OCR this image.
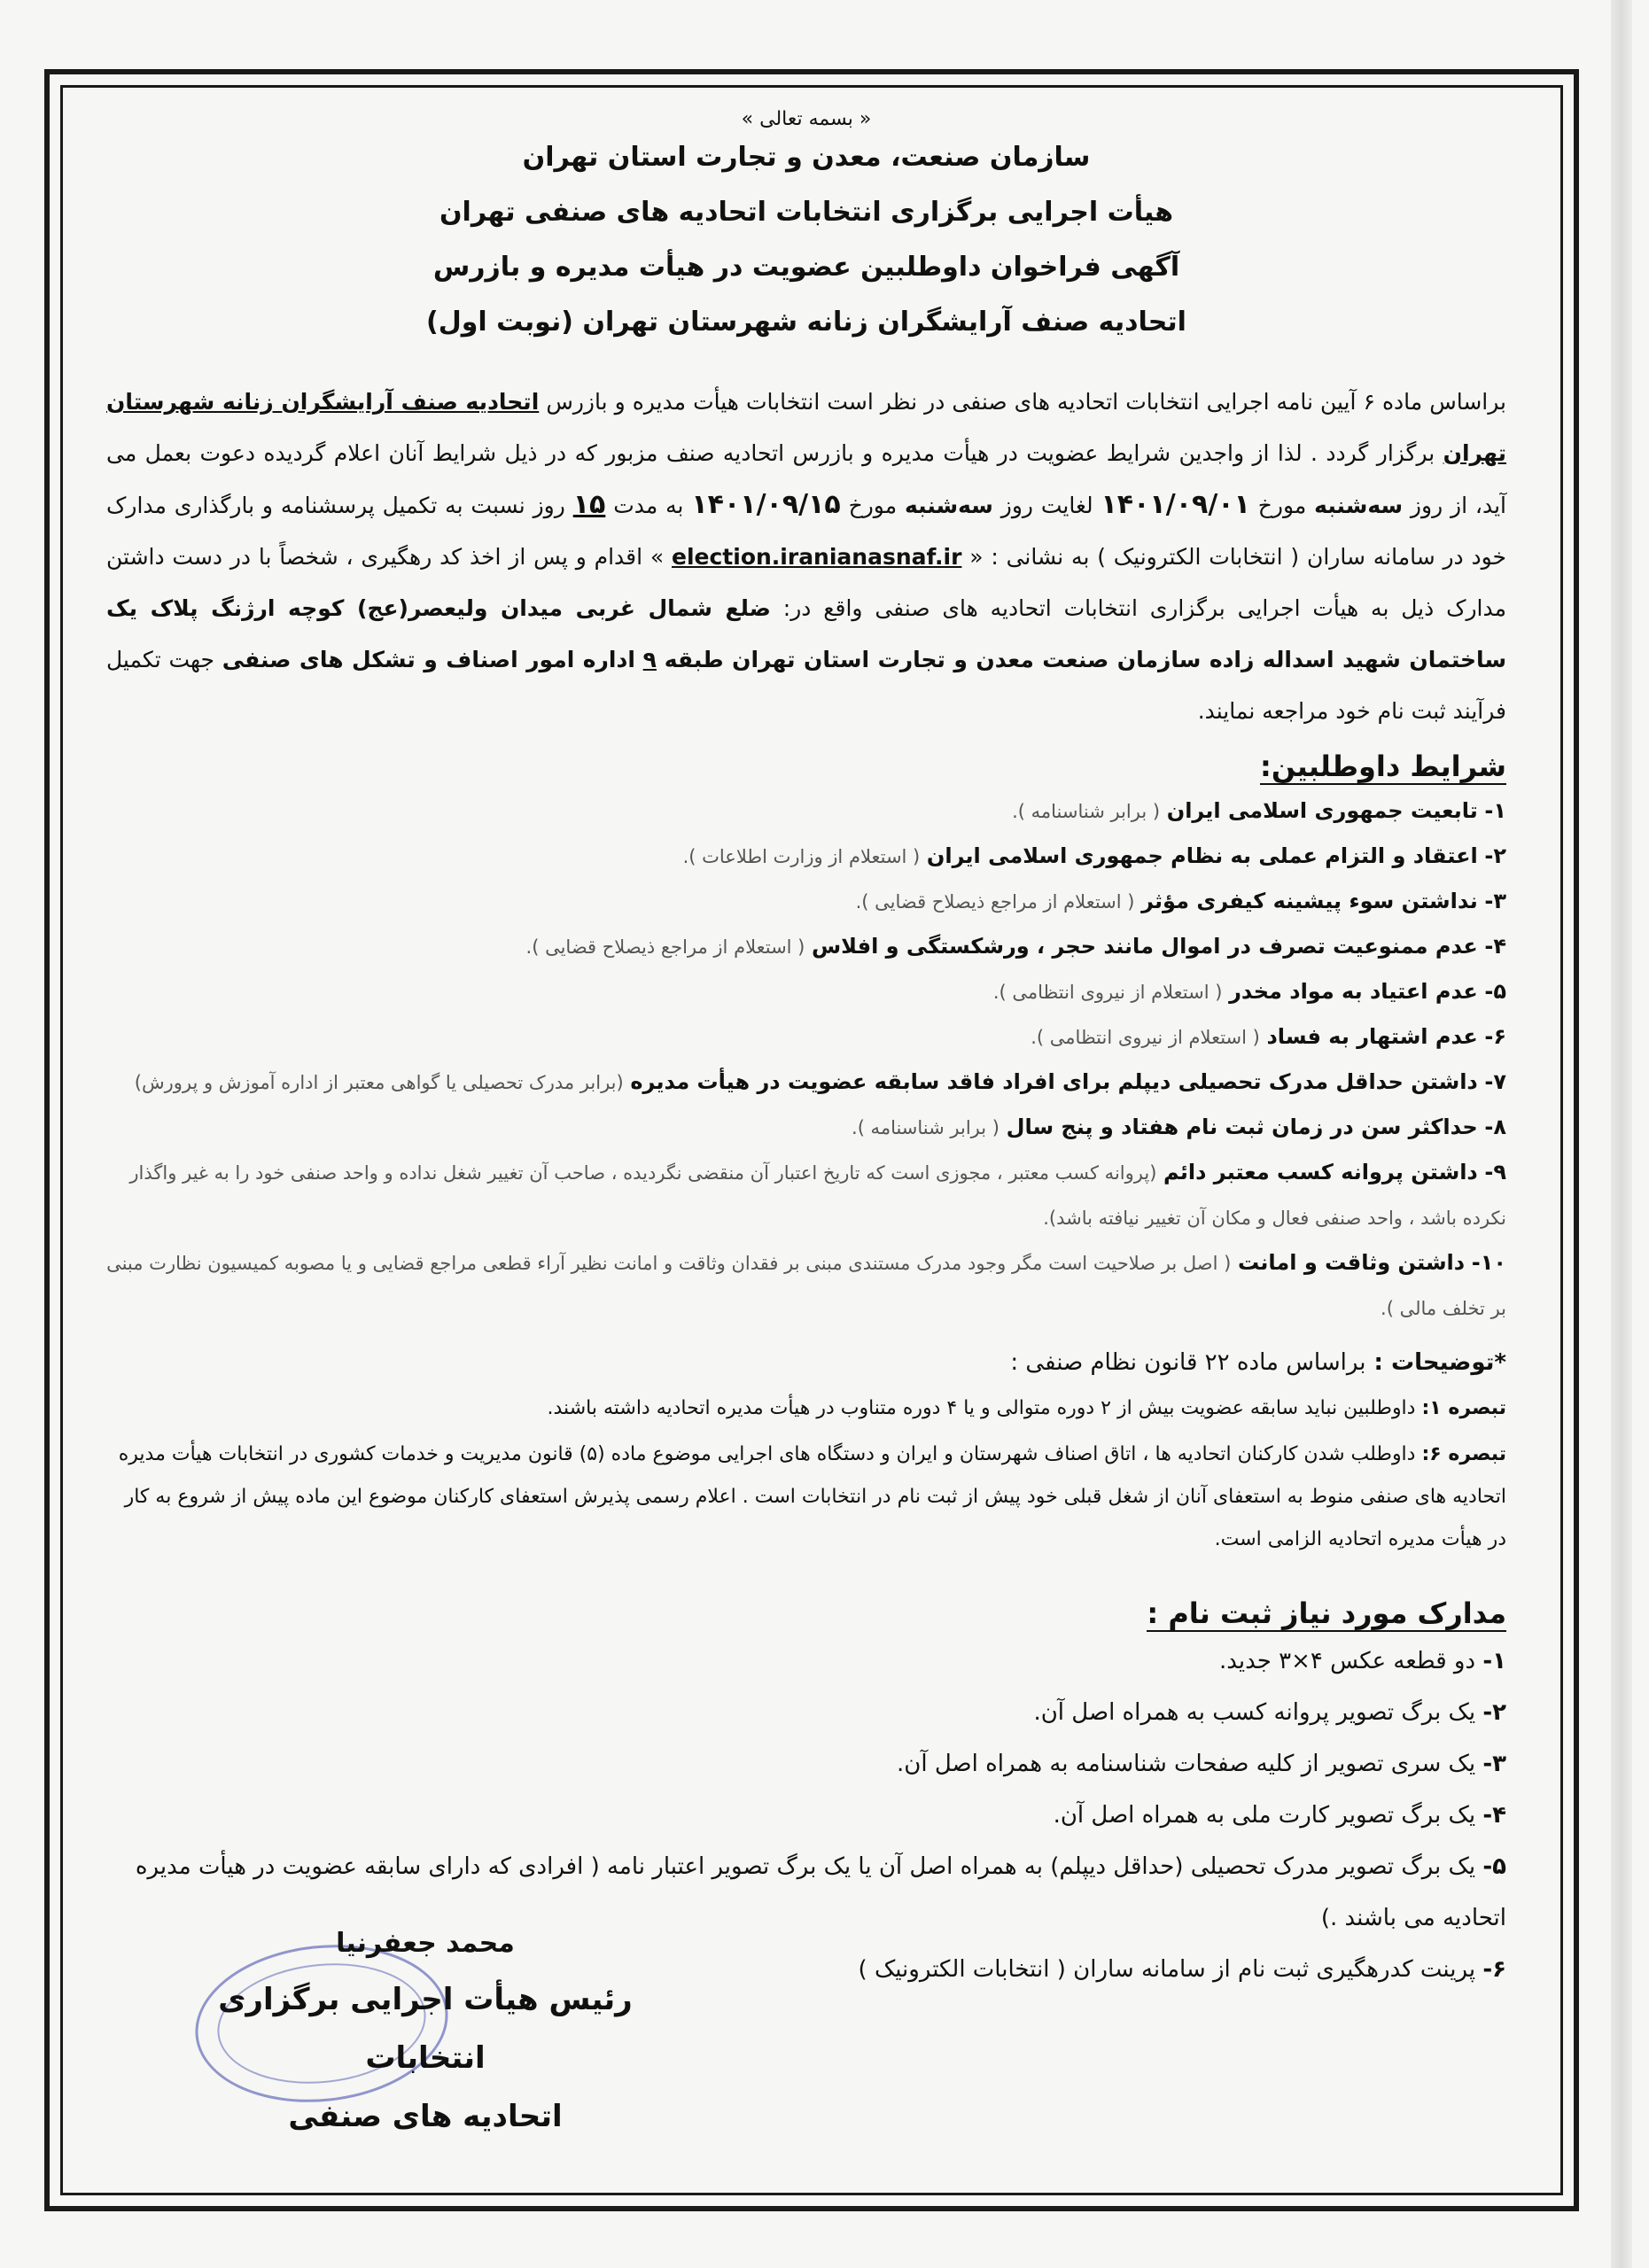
« بسمه تعالی »
سازمان صنعت، معدن و تجارت استان تهران
هیأت اجرایی برگزاری انتخابات اتحادیه های صنفی تهران
آگهی فراخوان داوطلبین عضویت در هیأت مدیره و بازرس
اتحادیه صنف آرایشگران زنانه شهرستان تهران (نوبت اول)
براساس ماده ۶ آیین نامه اجرایی انتخابات اتحادیه های صنفی در نظر است انتخابات هیأت مدیره و بازرس اتحادیه صنف آرایشگران زنانه شهرستان تهران برگزار گردد . لذا از واجدین شرایط عضویت در هیأت مدیره و بازرس اتحادیه صنف مزبور که در ذیل شرایط آنان اعلام گردیده دعوت بعمل می آید، از روز سه‌شنبه مورخ ۱۴۰۱/۰۹/۰۱ لغایت روز سه‌شنبه مورخ ۱۴۰۱/۰۹/۱۵ به مدت ۱۵ روز نسبت به تکمیل پرسشنامه و بارگذاری مدارک خود در سامانه ساران ( انتخابات الکترونیک ) به نشانی : « election.iranianasnaf.ir » اقدام و پس از اخذ کد رهگیری ، شخصاً با در دست داشتن مدارک ذیل به هیأت اجرایی برگزاری انتخابات اتحادیه های صنفی واقع در: ضلع شمال غربی میدان ولیعصر(عج) کوچه ارژنگ پلاک یک ساختمان شهید اسداله زاده سازمان صنعت معدن و تجارت استان تهران طبقه ۹ اداره امور اصناف و تشکل های صنفی جهت تکمیل فرآیند ثبت نام خود مراجعه نمایند.
شرایط داوطلبین:
۱- تابعیت جمهوری اسلامی ایران ( برابر شناسنامه ).
۲- اعتقاد و التزام عملی به نظام جمهوری اسلامی ایران ( استعلام از وزارت اطلاعات ).
۳- نداشتن سوء پیشینه کیفری مؤثر ( استعلام از مراجع ذیصلاح قضایی ).
۴- عدم ممنوعیت تصرف در اموال مانند حجر ، ورشکستگی و افلاس ( استعلام از مراجع ذیصلاح قضایی ).
۵- عدم اعتیاد به مواد مخدر ( استعلام از نیروی انتظامی ).
۶- عدم اشتهار به فساد ( استعلام از نیروی انتظامی ).
۷- داشتن حداقل مدرک تحصیلی دیپلم برای افراد فاقد سابقه عضویت در هیأت مدیره (برابر مدرک تحصیلی یا گواهی معتبر از اداره آموزش و پرورش)
۸- حداکثر سن در زمان ثبت نام هفتاد و پنج سال ( برابر شناسنامه ).
۹- داشتن پروانه کسب معتبر دائم (پروانه کسب معتبر ، مجوزی است که تاریخ اعتبار آن منقضی نگردیده ، صاحب آن تغییر شغل نداده و واحد صنفی خود را به غیر واگذار نکرده باشد ، واحد صنفی فعال و مکان آن تغییر نیافته باشد).
۱۰- داشتن وثاقت و امانت ( اصل بر صلاحیت است مگر وجود مدرک مستندی مبنی بر فقدان وثاقت و امانت نظیر آراء قطعی مراجع قضایی و یا مصوبه کمیسیون نظارت مبنی بر تخلف مالی ).
*توضیحات : براساس ماده ۲۲ قانون نظام صنفی :
تبصره ۱: داوطلبین نباید سابقه عضویت بیش از ۲ دوره متوالی و یا ۴ دوره متناوب در هیأت مدیره اتحادیه داشته باشند.
تبصره ۶: داوطلب شدن کارکنان اتحادیه ها ، اتاق اصناف شهرستان و ایران و دستگاه های اجرایی موضوع ماده (۵) قانون مدیریت و خدمات کشوری در انتخابات هیأت مدیره اتحادیه های صنفی منوط به استعفای آنان از شغل قبلی خود پیش از ثبت نام در انتخابات است . اعلام رسمی پذیرش استعفای کارکنان موضوع این ماده پیش از شروع به کار در هیأت مدیره اتحادیه الزامی است.
مدارک مورد نیاز ثبت نام :
۱- دو قطعه عکس ۴×۳ جدید.
۲- یک برگ تصویر پروانه کسب به همراه اصل آن.
۳- یک سری تصویر از کلیه صفحات شناسنامه به همراه اصل آن.
۴- یک برگ تصویر کارت ملی به همراه اصل آن.
۵- یک برگ تصویر مدرک تحصیلی (حداقل دیپلم) به همراه اصل آن یا یک برگ تصویر اعتبار نامه ( افرادی که دارای سابقه عضویت در هیأت مدیره اتحادیه می باشند .)
۶- پرینت کدرهگیری ثبت نام از سامانه ساران ( انتخابات الکترونیک )
محمد جعفرنیا
رئیس هیأت اجرایی برگزاری انتخابات
اتحادیه های صنفی
